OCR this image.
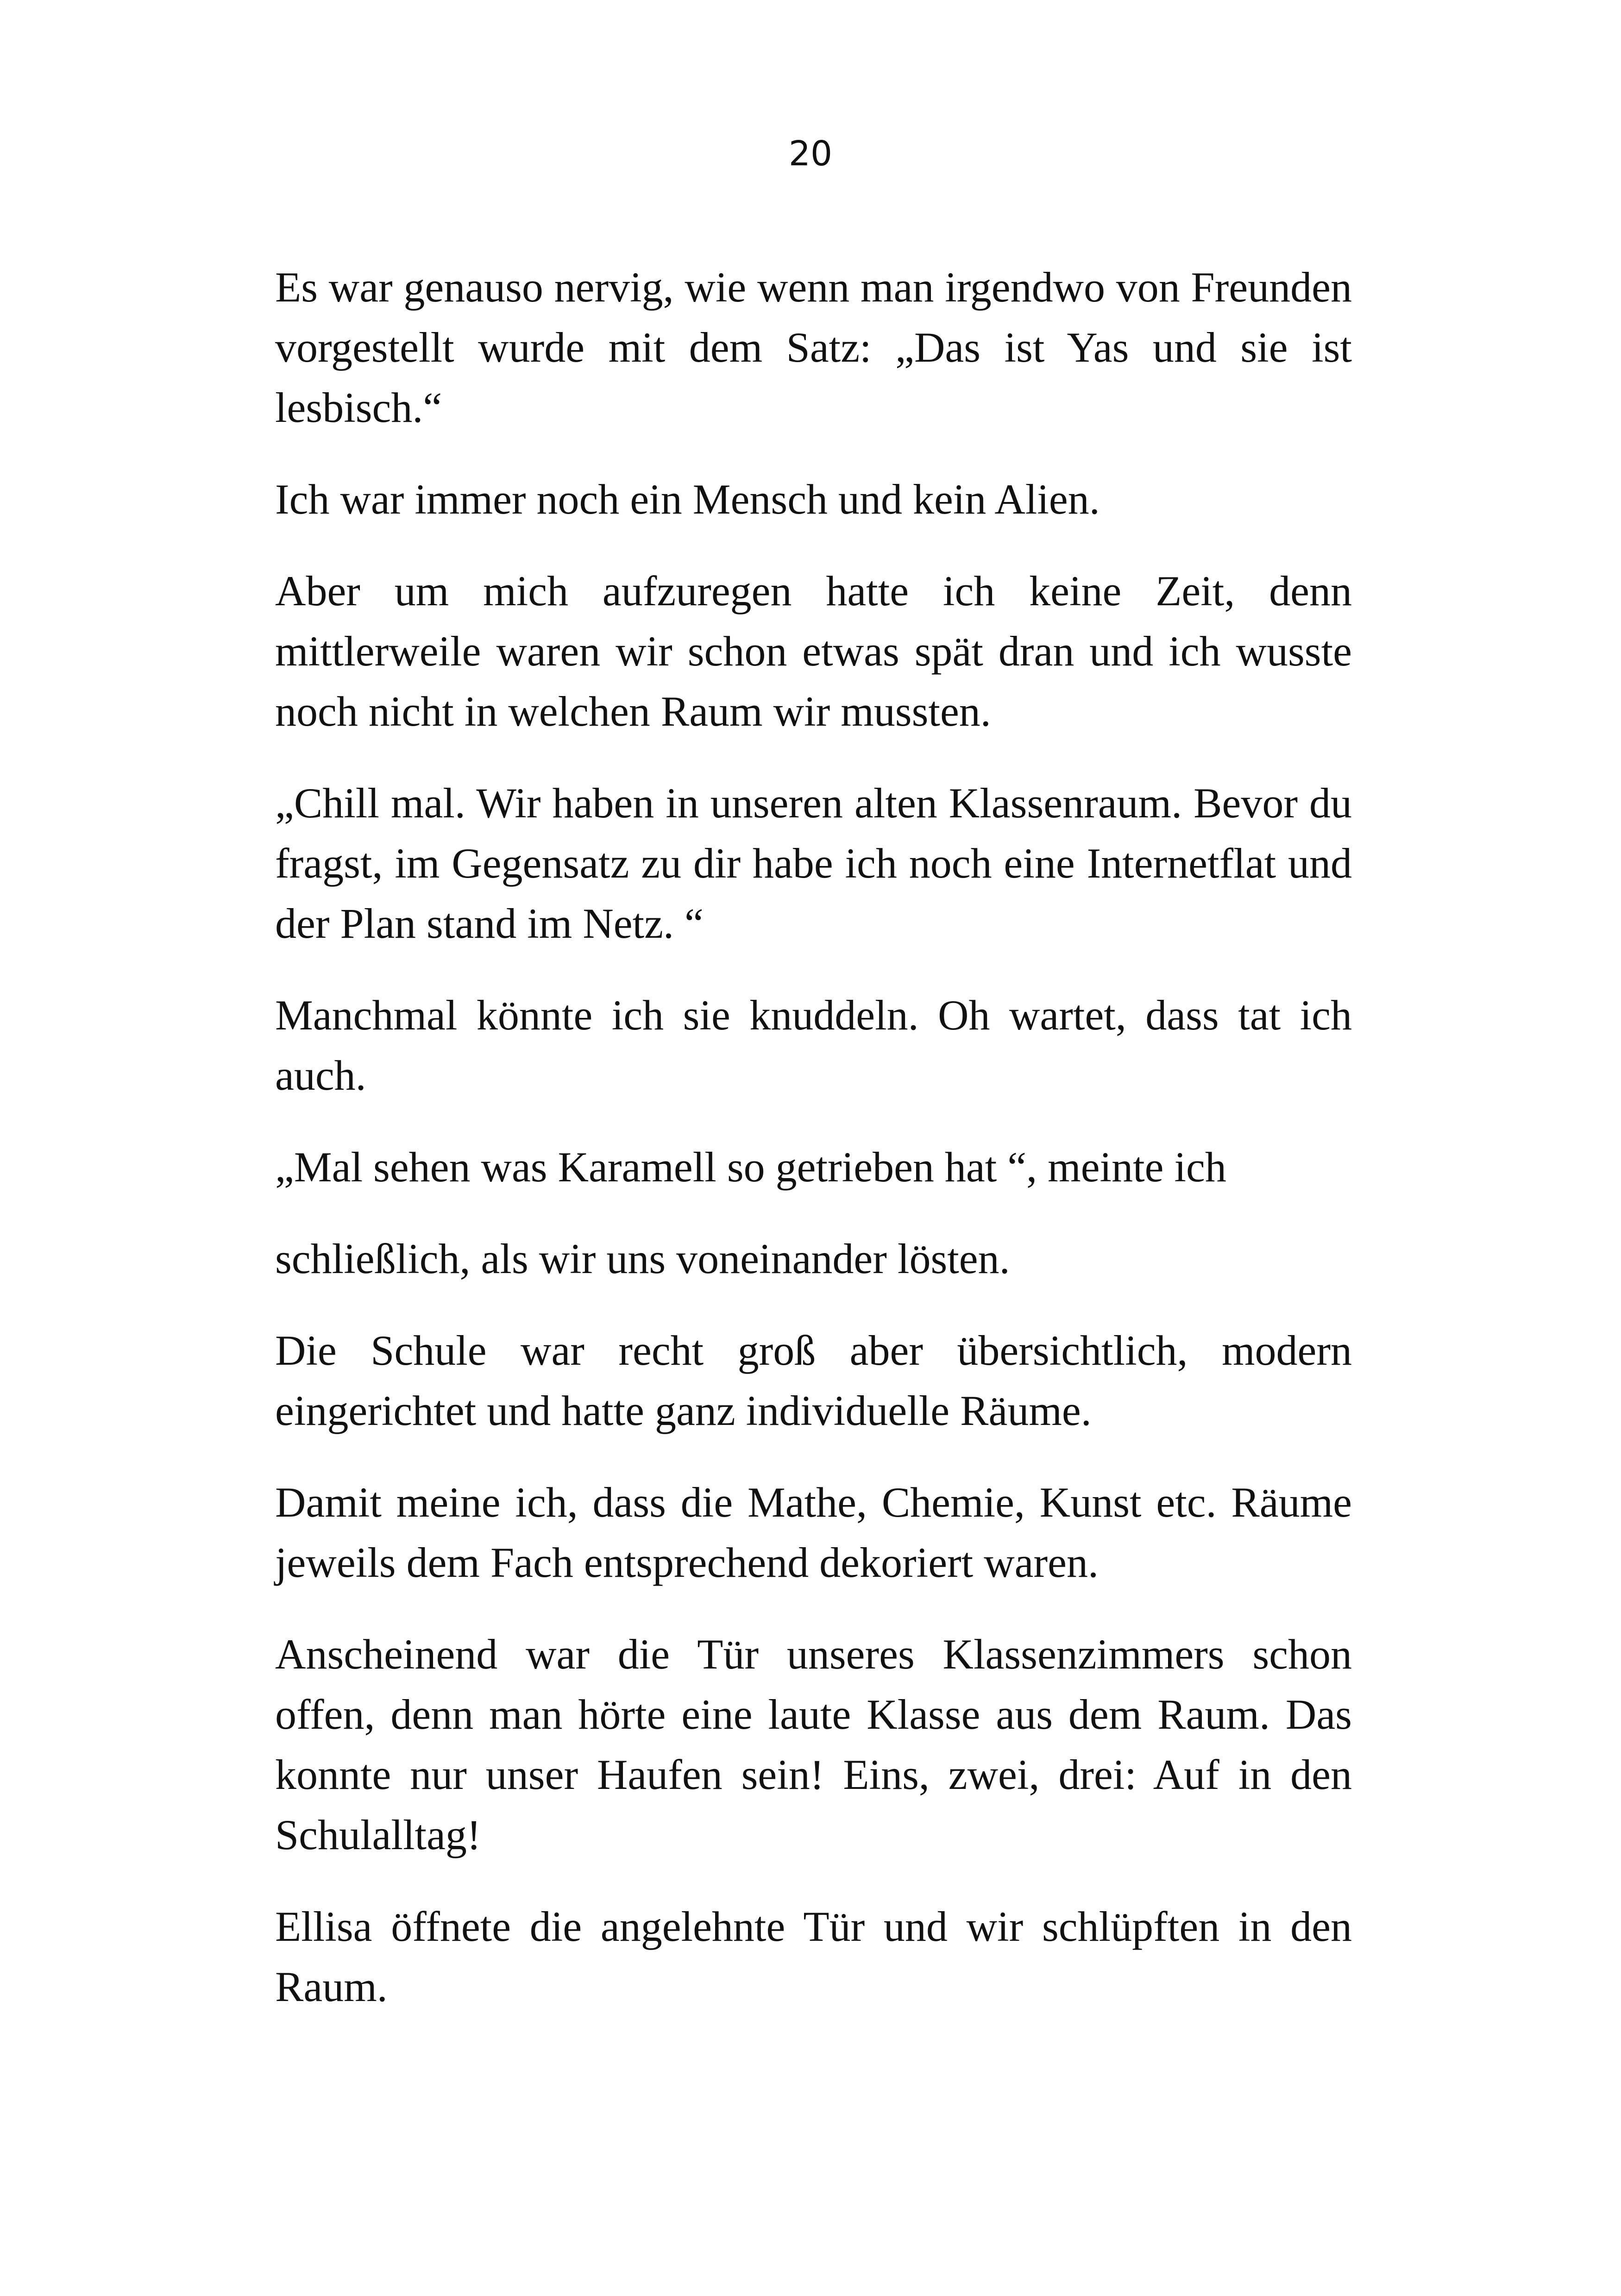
20

Es war genauso nervig, wie wenn man irgendwo von Freunden vorgestellt wurde mit dem Satz: „Das ist Yas und sie ist lesbisch.“

Ich war immer noch ein Mensch und kein Alien.

Aber um mich aufzuregen hatte ich keine Zeit, denn mittlerweile waren wir schon etwas spät dran und ich wusste noch nicht in welchen Raum wir mussten.

„Chill mal. Wir haben in unseren alten Klassenraum. Bevor du fragst, im Gegensatz zu dir habe ich noch eine Internetflat und der Plan stand im Netz. “

Manchmal könnte ich sie knuddeln. Oh wartet, dass tat ich auch.

„Mal sehen was Karamell so getrieben hat “, meinte ich

schließlich, als wir uns voneinander lösten.

Die Schule war recht groß aber übersichtlich, modern eingerichtet und hatte ganz individuelle Räume.

Damit meine ich, dass die Mathe, Chemie, Kunst etc. Räume jeweils dem Fach entsprechend dekoriert waren.

Anscheinend war die Tür unseres Klassenzimmers schon offen, denn man hörte eine laute Klasse aus dem Raum. Das konnte nur unser Haufen sein! Eins, zwei, drei: Auf in den Schulalltag!

Ellisa öffnete die angelehnte Tür und wir schlüpften in den Raum.
